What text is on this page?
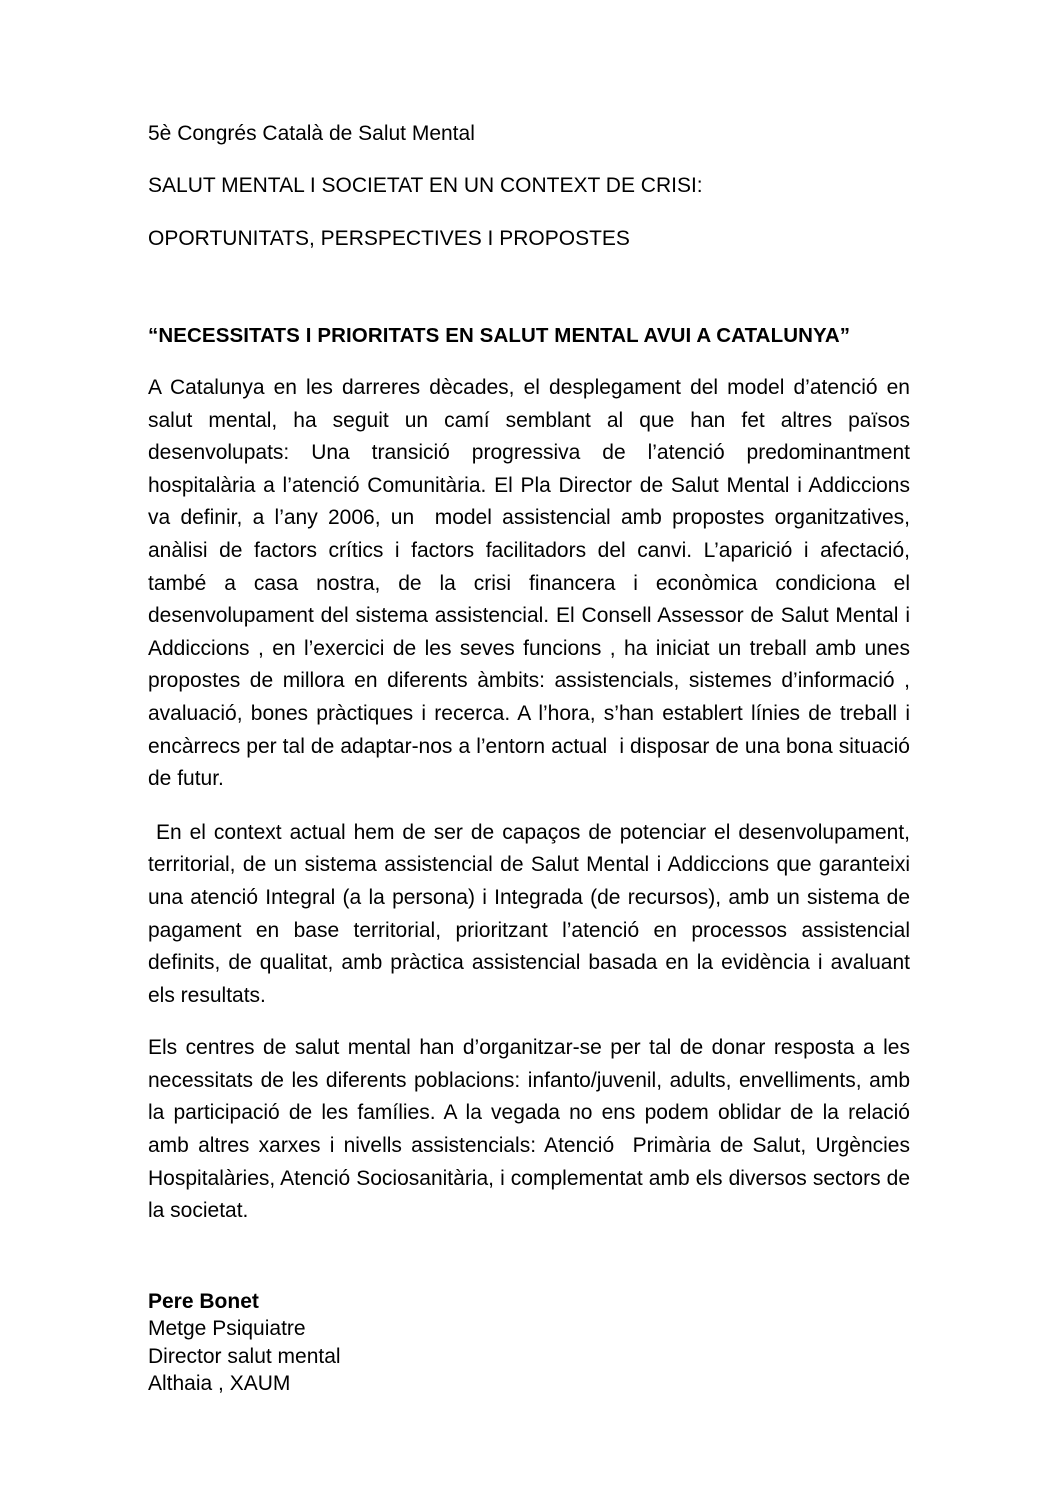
5è Congrés Català de Salut Mental

SALUT MENTAL I SOCIETAT EN UN CONTEXT DE CRISI:

OPORTUNITATS, PERSPECTIVES I PROPOSTES

“NECESSITATS I PRIORITATS EN SALUT MENTAL AVUI A CATALUNYA”

A Catalunya en les darreres dècades, el desplegament del model d’atenció en salut mental, ha seguit un camí semblant al que han fet altres països desenvolupats: Una transició progressiva de l’atenció predominantment hospitalària a l’atenció Comunitària. El Pla Director de Salut Mental i Addiccions va definir, a l’any 2006, un  model assistencial amb propostes organitzatives, anàlisi de factors crítics i factors facilitadors del canvi. L’aparició i afectació, també a casa nostra, de la crisi financera i econòmica condiciona el desenvolupament del sistema assistencial. El Consell Assessor de Salut Mental i Addiccions , en l’exercici de les seves funcions , ha iniciat un treball amb unes propostes de millora en diferents àmbits: assistencials, sistemes d’informació , avaluació, bones pràctiques i recerca. A l’hora, s’han establert línies de treball i encàrrecs per tal de adaptar-nos a l’entorn actual  i disposar de una bona situació de futur.

En el context actual hem de ser de capaços de potenciar el desenvolupament, territorial, de un sistema assistencial de Salut Mental i Addiccions que garanteixi una atenció Integral (a la persona) i Integrada (de recursos), amb un sistema de pagament en base territorial, prioritzant l’atenció en processos assistencial definits, de qualitat, amb pràctica assistencial basada en la evidència i avaluant els resultats.

Els centres de salut mental han d’organitzar-se per tal de donar resposta a les necessitats de les diferents poblacions: infanto/juvenil, adults, envelliments, amb la participació de les famílies. A la vegada no ens podem oblidar de la relació amb altres xarxes i nivells assistencials: Atenció  Primària de Salut, Urgències Hospitalàries, Atenció Sociosanitària, i complementat amb els diversos sectors de la societat.

Pere Bonet

Metge Psiquiatre

Director salut mental

Althaia , XAUM
